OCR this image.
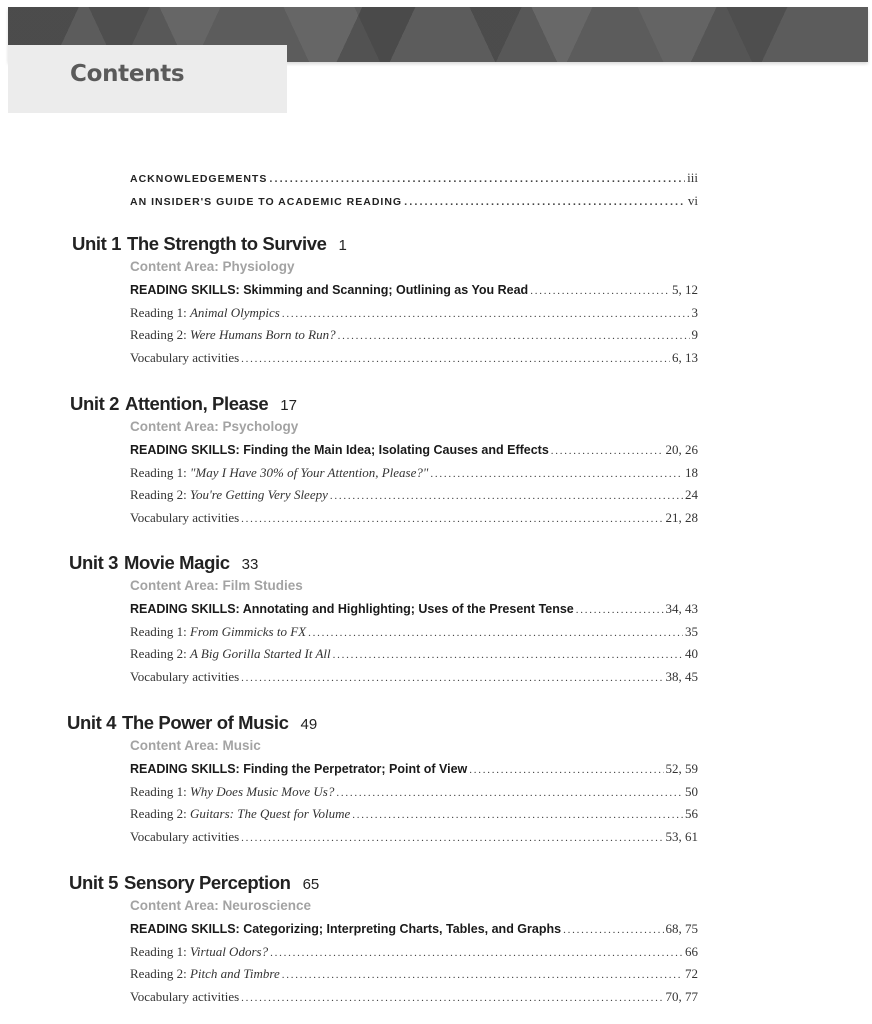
Contents
ACKNOWLEDGEMENTS . . .	iii
AN INSIDER'S GUIDE TO ACADEMIC READING . . .	vi
Unit 1 The Strength to Survive 1
Content Area: Physiology
READING SKILLS: Skimming and Scanning; Outlining as You Read . . .	5, 12
Reading 1: Animal Olympics . . .	3
Reading 2: Were Humans Born to Run? . . .	9
Vocabulary activities . . .	6, 13
Unit 2 Attention, Please 17
Content Area: Psychology
READING SKILLS: Finding the Main Idea; Isolating Causes and Effects . . .	20, 26
Reading 1: "May I Have 30% of Your Attention, Please?" . . .	18
Reading 2: You're Getting Very Sleepy . . .	24
Vocabulary activities . . .	21, 28
Unit 3 Movie Magic 33
Content Area: Film Studies
READING SKILLS: Annotating and Highlighting; Uses of the Present Tense . . .	34, 43
Reading 1: From Gimmicks to FX . . .	35
Reading 2: A Big Gorilla Started It All . . .	40
Vocabulary activities . . .	38, 45
Unit 4 The Power of Music 49
Content Area: Music
READING SKILLS: Finding the Perpetrator; Point of View . . .	52, 59
Reading 1: Why Does Music Move Us? . . .	50
Reading 2: Guitars: The Quest for Volume . . .	56
Vocabulary activities . . .	53, 61
Unit 5 Sensory Perception 65
Content Area: Neuroscience
READING SKILLS: Categorizing; Interpreting Charts, Tables, and Graphs . . .	68, 75
Reading 1: Virtual Odors? . . .	66
Reading 2: Pitch and Timbre . . .	72
Vocabulary activities . . .	70, 77
